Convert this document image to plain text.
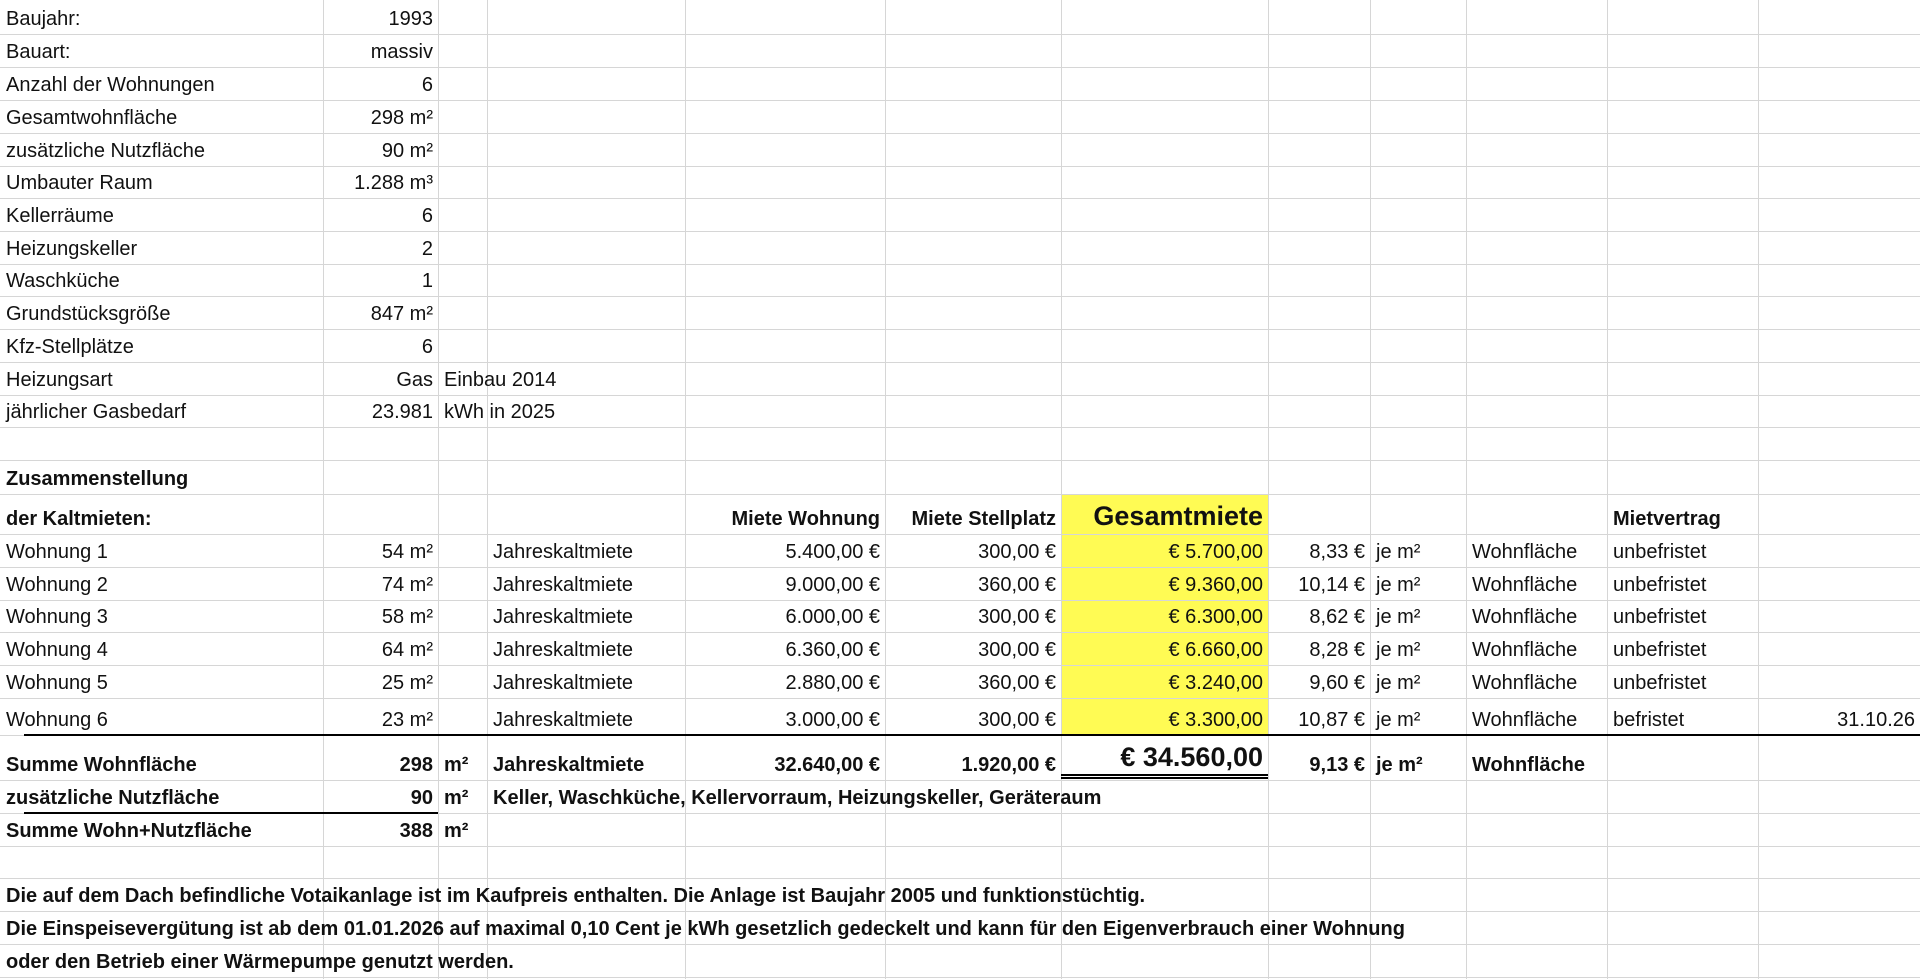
Baujahr:	1993
Bauart:	massiv
Anzahl der Wohnungen	6
Gesamtwohnfläche	298 m²
zusätzliche Nutzfläche	90 m²
Umbauter Raum	1.288 m³
Kellerräume	6
Heizungskeller	2
Waschküche	1
Grundstücksgröße	847 m²
Kfz-Stellplätze	6
Heizungsart	Gas Einbau 2014
jährlicher Gasbedarf	23.981 kWh in 2025
Zusammenstellung
der Kaltmieten:	Miete Wohnung	Miete Stellplatz	Gesamtmiete	Mietvertrag
Wohnung 1	54 m²	Jahreskaltmiete	5.400,00 €	300,00 €	€ 5.700,00	8,33 € je m²	Wohnfläche	unbefristet
Wohnung 2	74 m²	Jahreskaltmiete	9.000,00 €	360,00 €	€ 9.360,00	10,14 € je m²	Wohnfläche	unbefristet
Wohnung 3	58 m²	Jahreskaltmiete	6.000,00 €	300,00 €	€ 6.300,00	8,62 € je m²	Wohnfläche	unbefristet
Wohnung 4	64 m²	Jahreskaltmiete	6.360,00 €	300,00 €	€ 6.660,00	8,28 € je m²	Wohnfläche	unbefristet
Wohnung 5	25 m²	Jahreskaltmiete	2.880,00 €	360,00 €	€ 3.240,00	9,60 € je m²	Wohnfläche	unbefristet
Wohnung 6	23 m²	Jahreskaltmiete	3.000,00 €	300,00 €	€ 3.300,00	10,87 € je m²	Wohnfläche	befristet	31.10.26
Summe Wohnfläche	298 m²	Jahreskaltmiete	32.640,00 €	1.920,00 €	€ 34.560,00	9,13 € je m²	Wohnfläche
zusätzliche Nutzfläche	90 m²	Keller, Waschküche, Kellervorraum, Heizungskeller, Geräteraum
Summe Wohn+Nutzfläche	388 m²
Die auf dem Dach befindliche Votaikanlage ist im Kaufpreis enthalten. Die Anlage ist Baujahr 2005 und funktionstüchtig.
Die Einspeisevergütung ist ab dem 01.01.2026 auf maximal 0,10 Cent je kWh gesetzlich gedeckelt und kann für den Eigenverbrauch einer Wohnung
oder den Betrieb einer Wärmepumpe genutzt werden.
